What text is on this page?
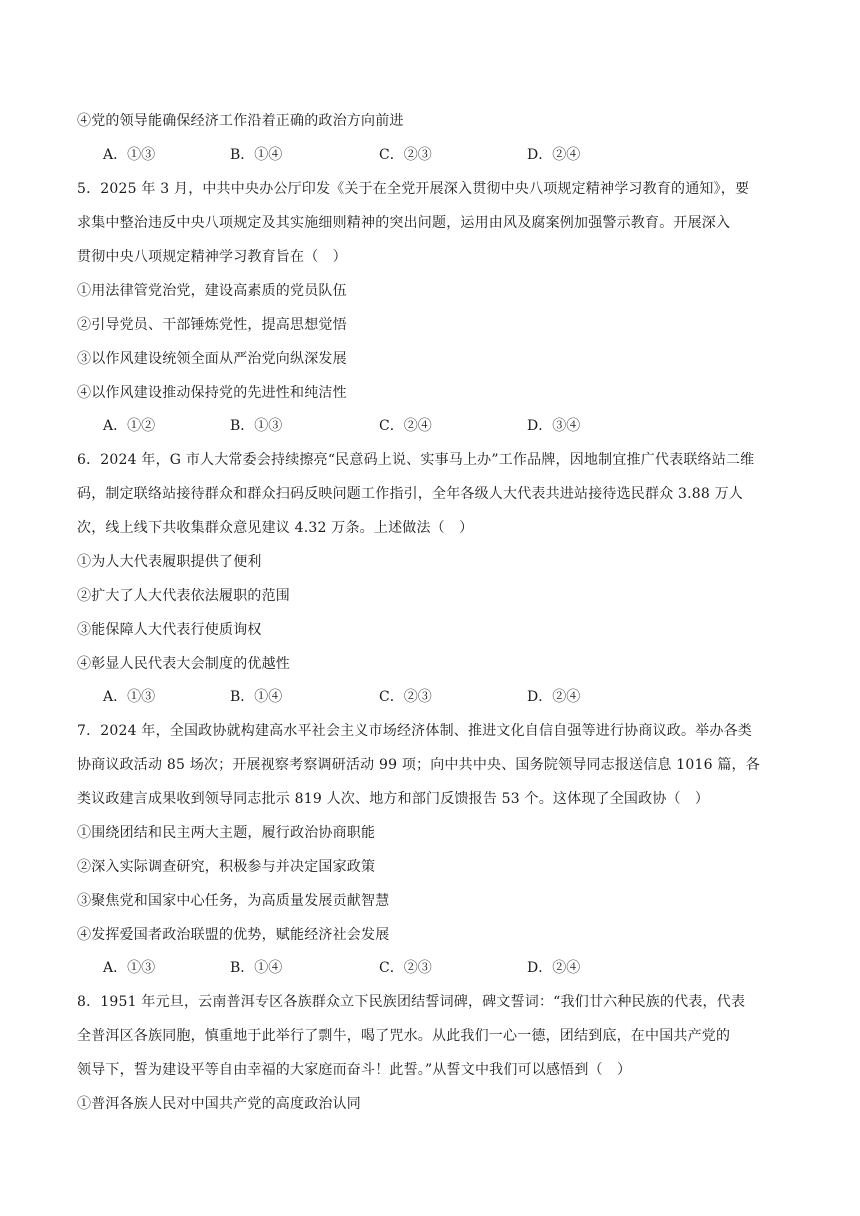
④党的领导能确保经济工作沿着正确的政治方向前进
A．①③	B．①④	C．②③	D．②④
5．2025 年 3 月，中共中央办公厅印发《关于在全党开展深入贯彻中央八项规定精神学习教育的通知》，要
求集中整治违反中央八项规定及其实施细则精神的突出问题，运用由风及腐案例加强警示教育。开展深入
贯彻中央八项规定精神学习教育旨在（　）
①用法律管党治党，建设高素质的党员队伍
②引导党员、干部锤炼党性，提高思想觉悟
③以作风建设统领全面从严治党向纵深发展
④以作风建设推动保持党的先进性和纯洁性
A．①②	B．①③	C．②④	D．③④
6．2024 年，G 市人大常委会持续擦亮“民意码上说、实事马上办”工作品牌，因地制宜推广代表联络站二维
码，制定联络站接待群众和群众扫码反映问题工作指引，全年各级人大代表共进站接待选民群众 3.88 万人
次，线上线下共收集群众意见建议 4.32 万条。上述做法（　）
①为人大代表履职提供了便利
②扩大了人大代表依法履职的范围
③能保障人大代表行使质询权
④彰显人民代表大会制度的优越性
A．①③	B．①④	C．②③	D．②④
7．2024 年，全国政协就构建高水平社会主义市场经济体制、推进文化自信自强等进行协商议政。举办各类
协商议政活动 85 场次；开展视察考察调研活动 99 项；向中共中央、国务院领导同志报送信息 1016 篇，各
类议政建言成果收到领导同志批示 819 人次、地方和部门反馈报告 53 个。这体现了全国政协（　）
①围绕团结和民主两大主题，履行政治协商职能
②深入实际调查研究，积极参与并决定国家政策
③聚焦党和国家中心任务，为高质量发展贡献智慧
④发挥爱国者政治联盟的优势，赋能经济社会发展
A．①③	B．①④	C．②③	D．②④
8．1951 年元旦，云南普洱专区各族群众立下民族团结誓词碑，碑文誓词：“我们廿六种民族的代表，代表
全普洱区各族同胞，慎重地于此举行了剽牛，喝了咒水。从此我们一心一德，团结到底，在中国共产党的
领导下，誓为建设平等自由幸福的大家庭而奋斗！此誓。”从誓文中我们可以感悟到（　）
①普洱各族人民对中国共产党的高度政治认同
